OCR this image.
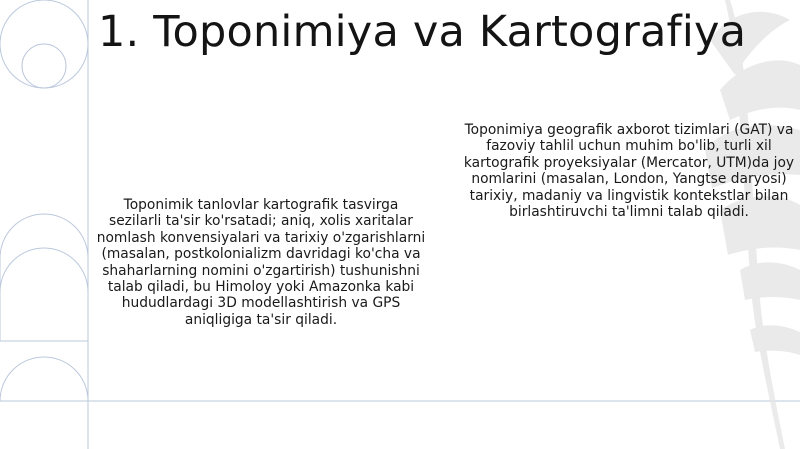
1. Toponimiya va Kartografiya

Toponimik tanlovlar kartografik tasvirga sezilarli ta'sir ko'rsatadi; aniq, xolis xaritalar nomlash konvensiyalari va tarixiy o'zgarishlarni (masalan, postkolonializm davridagi ko'cha va shaharlarning nomini o'zgartirish) tushunishni talab qiladi, bu Himoloy yoki Amazonka kabi hududlardagi 3D modellashtirish va GPS aniqligiga ta'sir qiladi.

Toponimiya geografik axborot tizimlari (GAT) va fazoviy tahlil uchun muhim bo'lib, turli xil kartografik proyeksiyalar (Mercator, UTM)da joy nomlarini (masalan, London, Yangtse daryosi) tarixiy, madaniy va lingvistik kontekstlar bilan birlashtiruvchi ta'limni talab qiladi.
